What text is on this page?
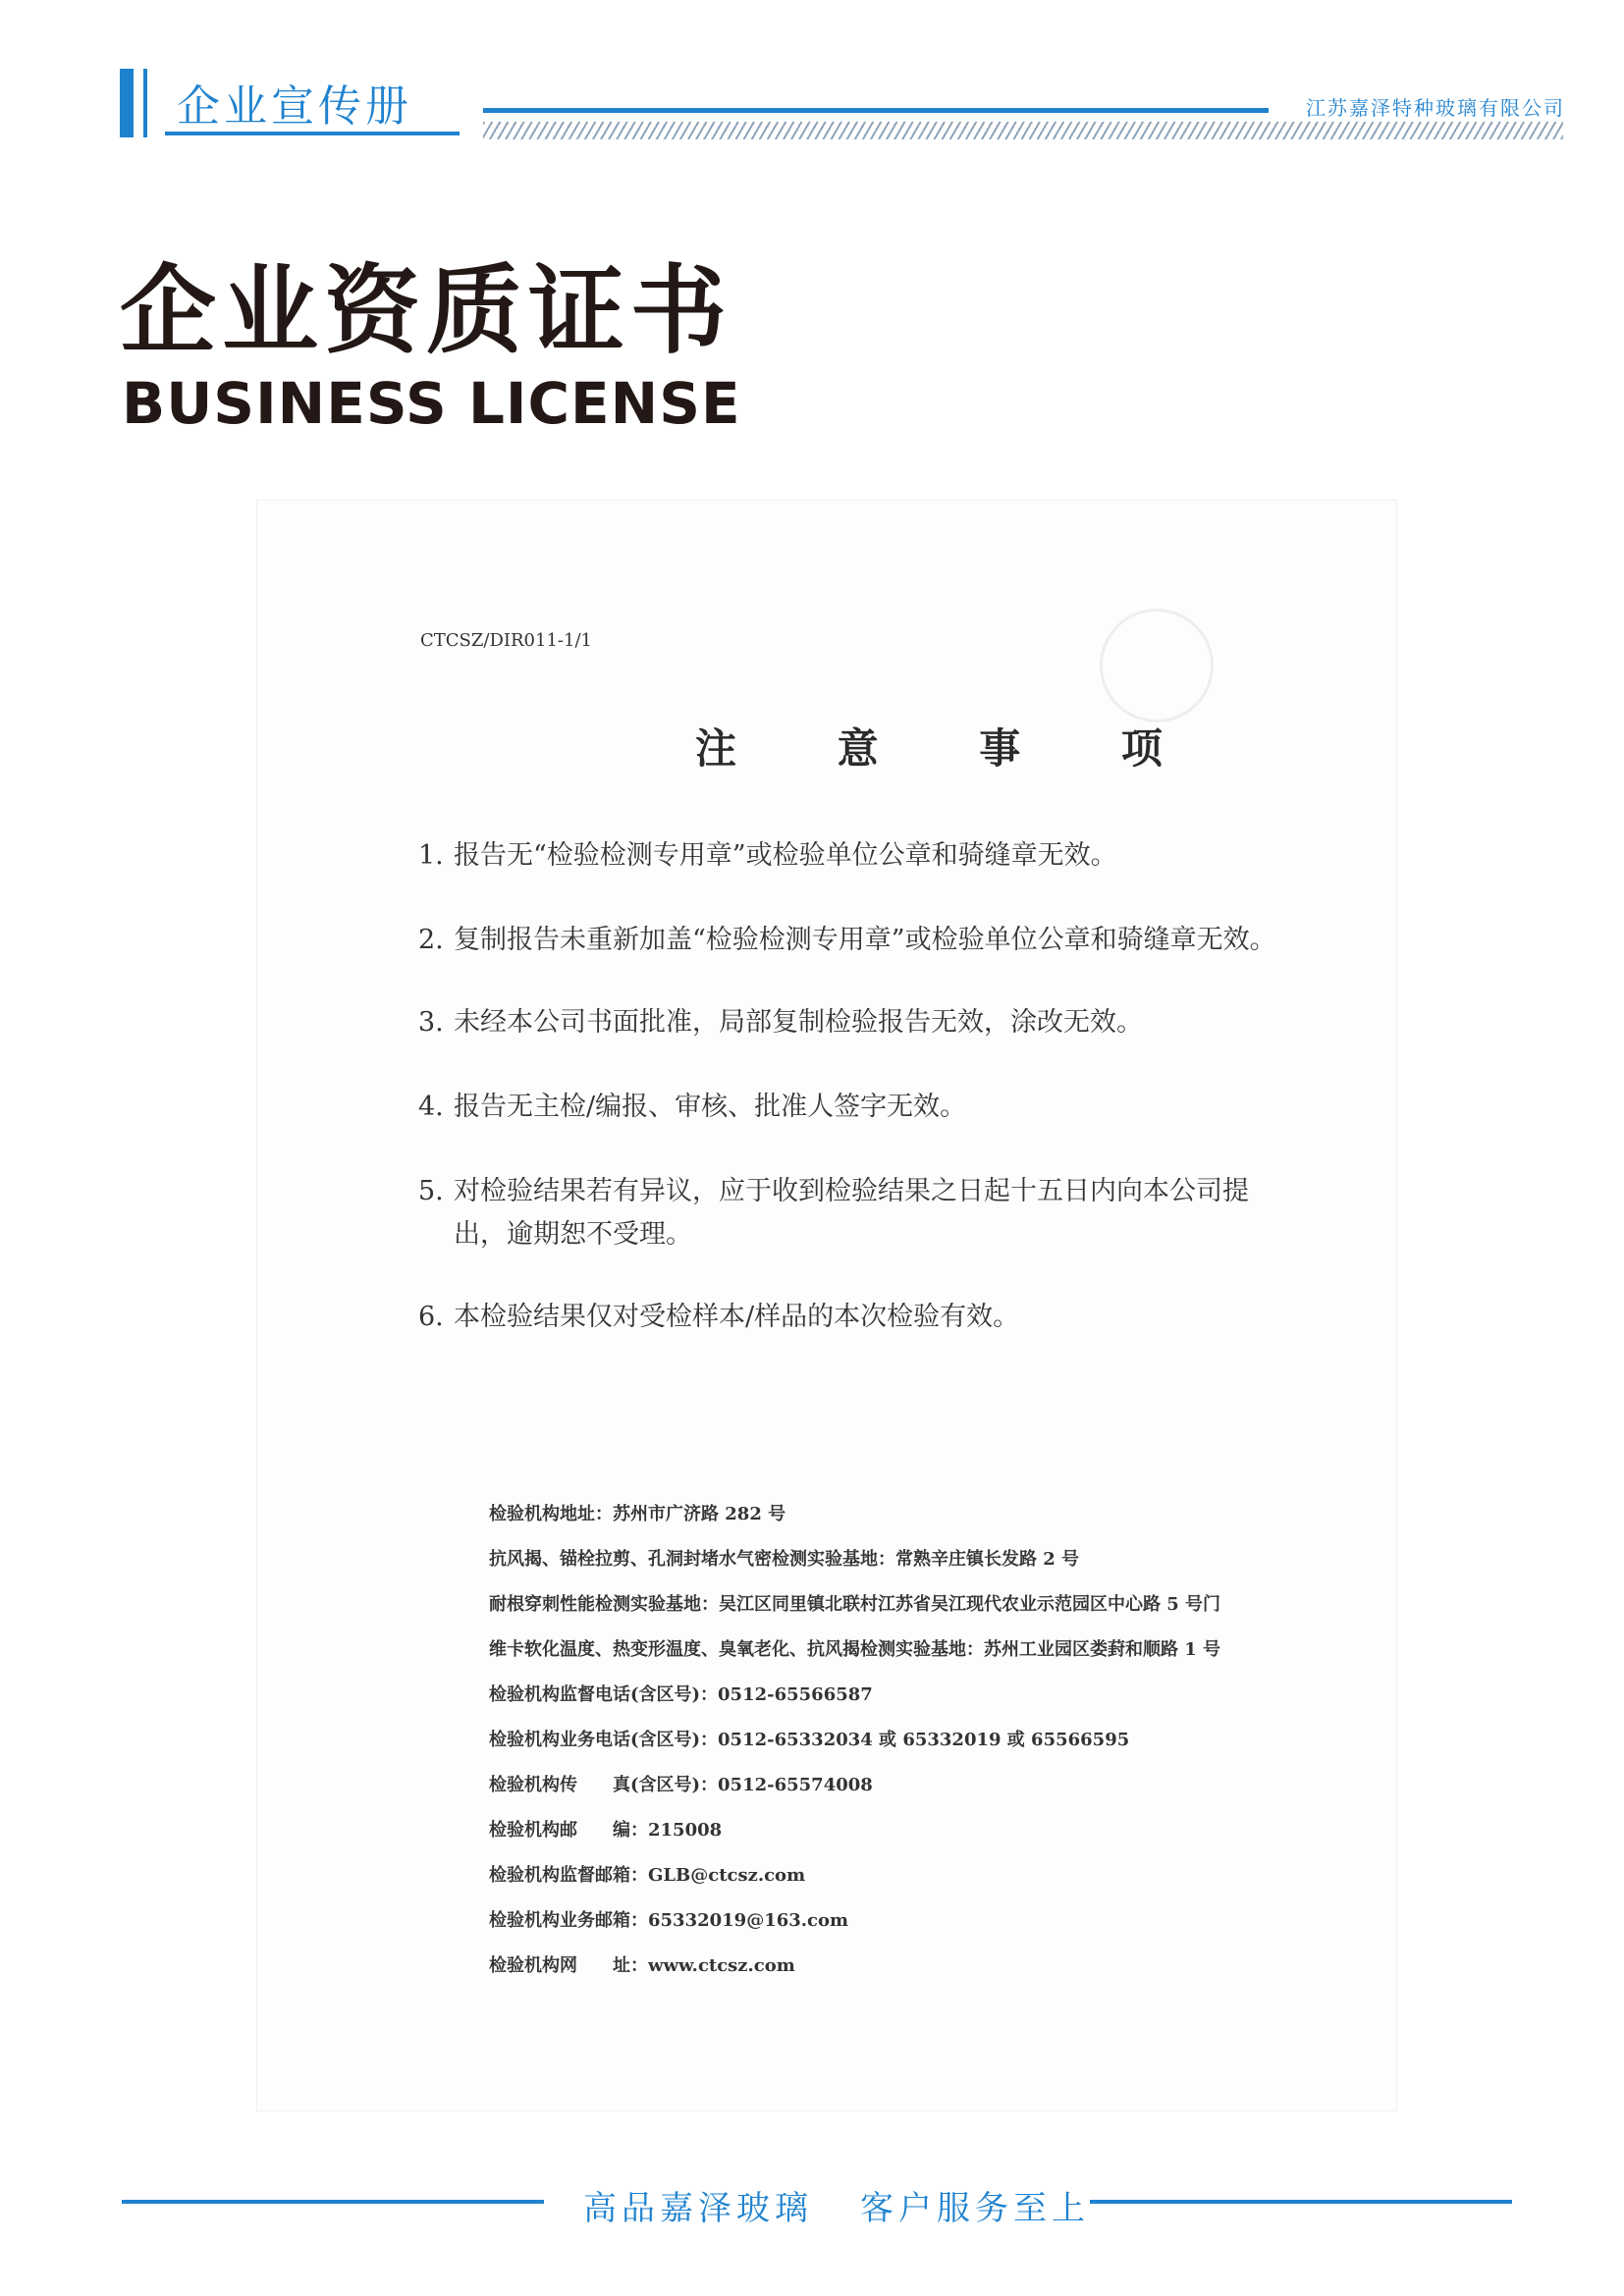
企业宣传册	江苏嘉泽特种玻璃有限公司
企业资质证书
BUSINESS LICENSE
CTCSZ/DIR011-1/1
注 意 事 项
1. 报告无“检验检测专用章”或检验单位公章和骑缝章无效。
2. 复制报告未重新加盖“检验检测专用章”或检验单位公章和骑缝章无效。
3. 未经本公司书面批准，局部复制检验报告无效，涂改无效。
4. 报告无主检/编报、审核、批准人签字无效。
5. 对检验结果若有异议，应于收到检验结果之日起十五日内向本公司提出，逾期恕不受理。
6. 本检验结果仅对受检样本/样品的本次检验有效。
检验机构地址：苏州市广济路 282 号
抗风揭、锚栓拉剪、孔洞封堵水气密检测实验基地：常熟辛庄镇长发路 2 号
耐根穿刺性能检测实验基地：吴江区同里镇北联村江苏省吴江现代农业示范园区中心路 5 号门
维卡软化温度、热变形温度、臭氧老化、抗风揭检测实验基地：苏州工业园区娄葑和顺路 1 号
检验机构监督电话(含区号)：0512-65566587
检验机构业务电话(含区号)：0512-65332034 或 65332019 或 65566595
检验机构传　　真(含区号)：0512-65574008
检验机构邮　　编：215008
检验机构监督邮箱：GLB@ctcsz.com
检验机构业务邮箱：65332019@163.com
检验机构网　　址：www.ctcsz.com
高品嘉泽玻璃 客户服务至上
